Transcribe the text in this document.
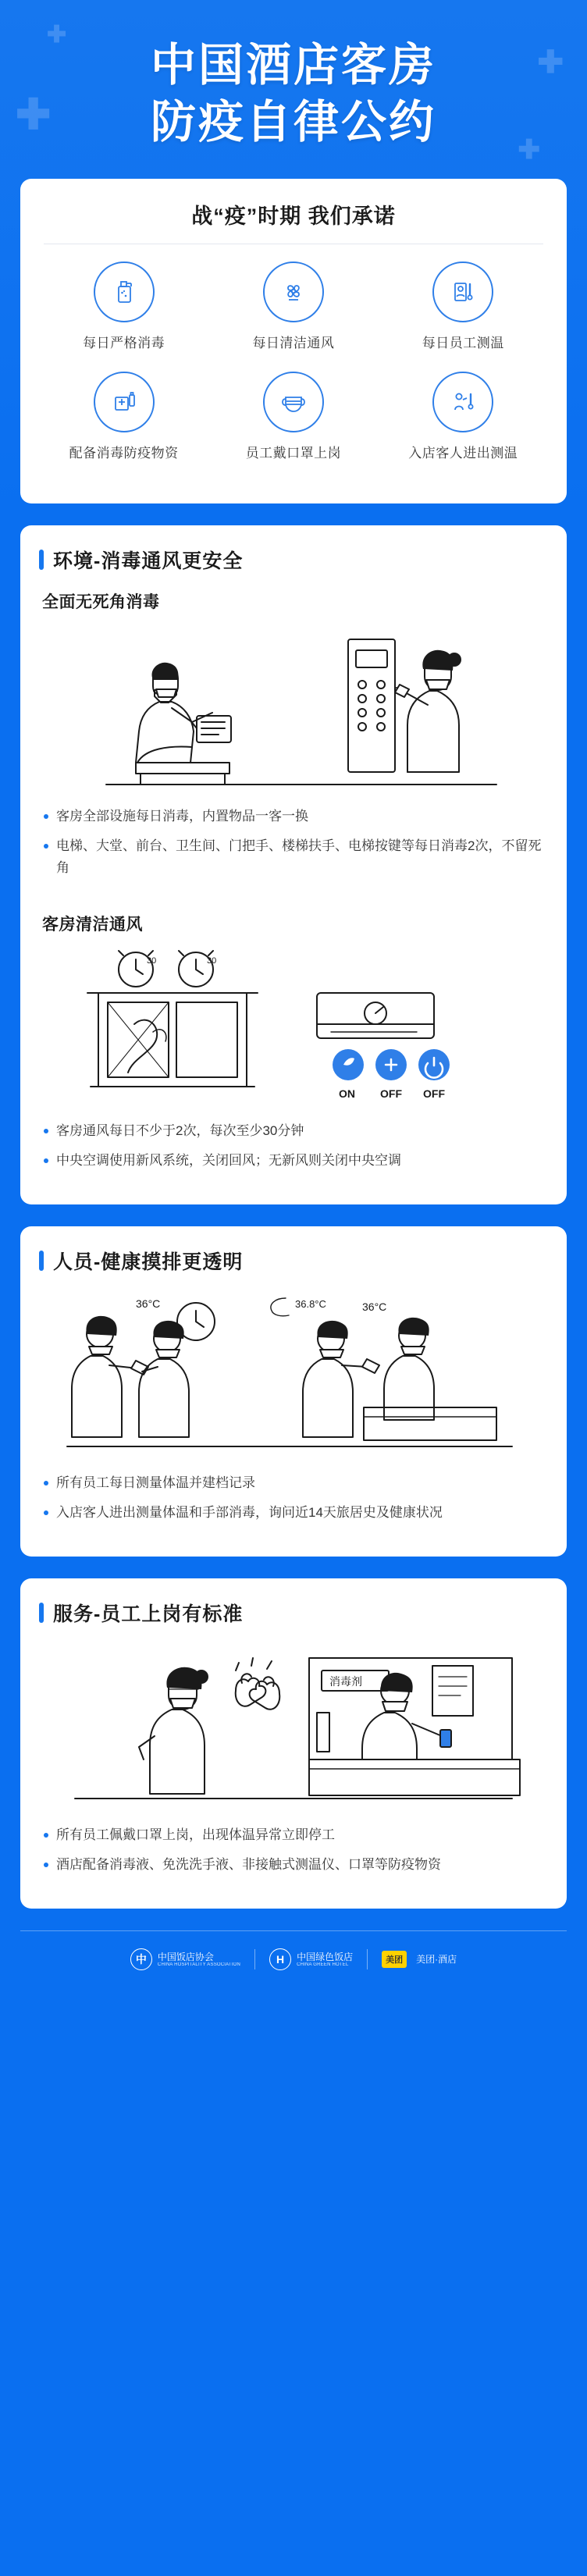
✚
✚
✚
✚
中国酒店客房
防疫自律公约
战“疫”时期 我们承诺
每日严格消毒	每日清洁通风	每日员工测温
配备消毒防疫物资	员工戴口罩上岗	入店客人进出测温
环境-消毒通风更安全
全面无死角消毒
客房全部设施每日消毒，内置物品一客一换
电梯、大堂、前台、卫生间、门把手、楼梯扶手、电梯按键等每日消毒2次，不留死角
客房清洁通风
30	30
ON OFF OFF
客房通风每日不少于2次，每次至少30分钟
中央空调使用新风系统，关闭回风；无新风则关闭中央空调
人员-健康摸排更透明
36°C	36.8°C	36°C
所有员工每日测量体温并建档记录
入店客人进出测量体温和手部消毒，询问近14天旅居史及健康状况
服务-员工上岗有标准
消毒剂
所有员工佩戴口罩上岗，出现体温异常立即停工
酒店配备消毒液、免洗洗手液、非接触式测温仪、口罩等防疫物资
中	中国饭店协会
CHINA HOSPITALITY ASSOCIATION	H	中国绿色饭店
CHINA GREEN HOTEL	美团	美团·酒店
